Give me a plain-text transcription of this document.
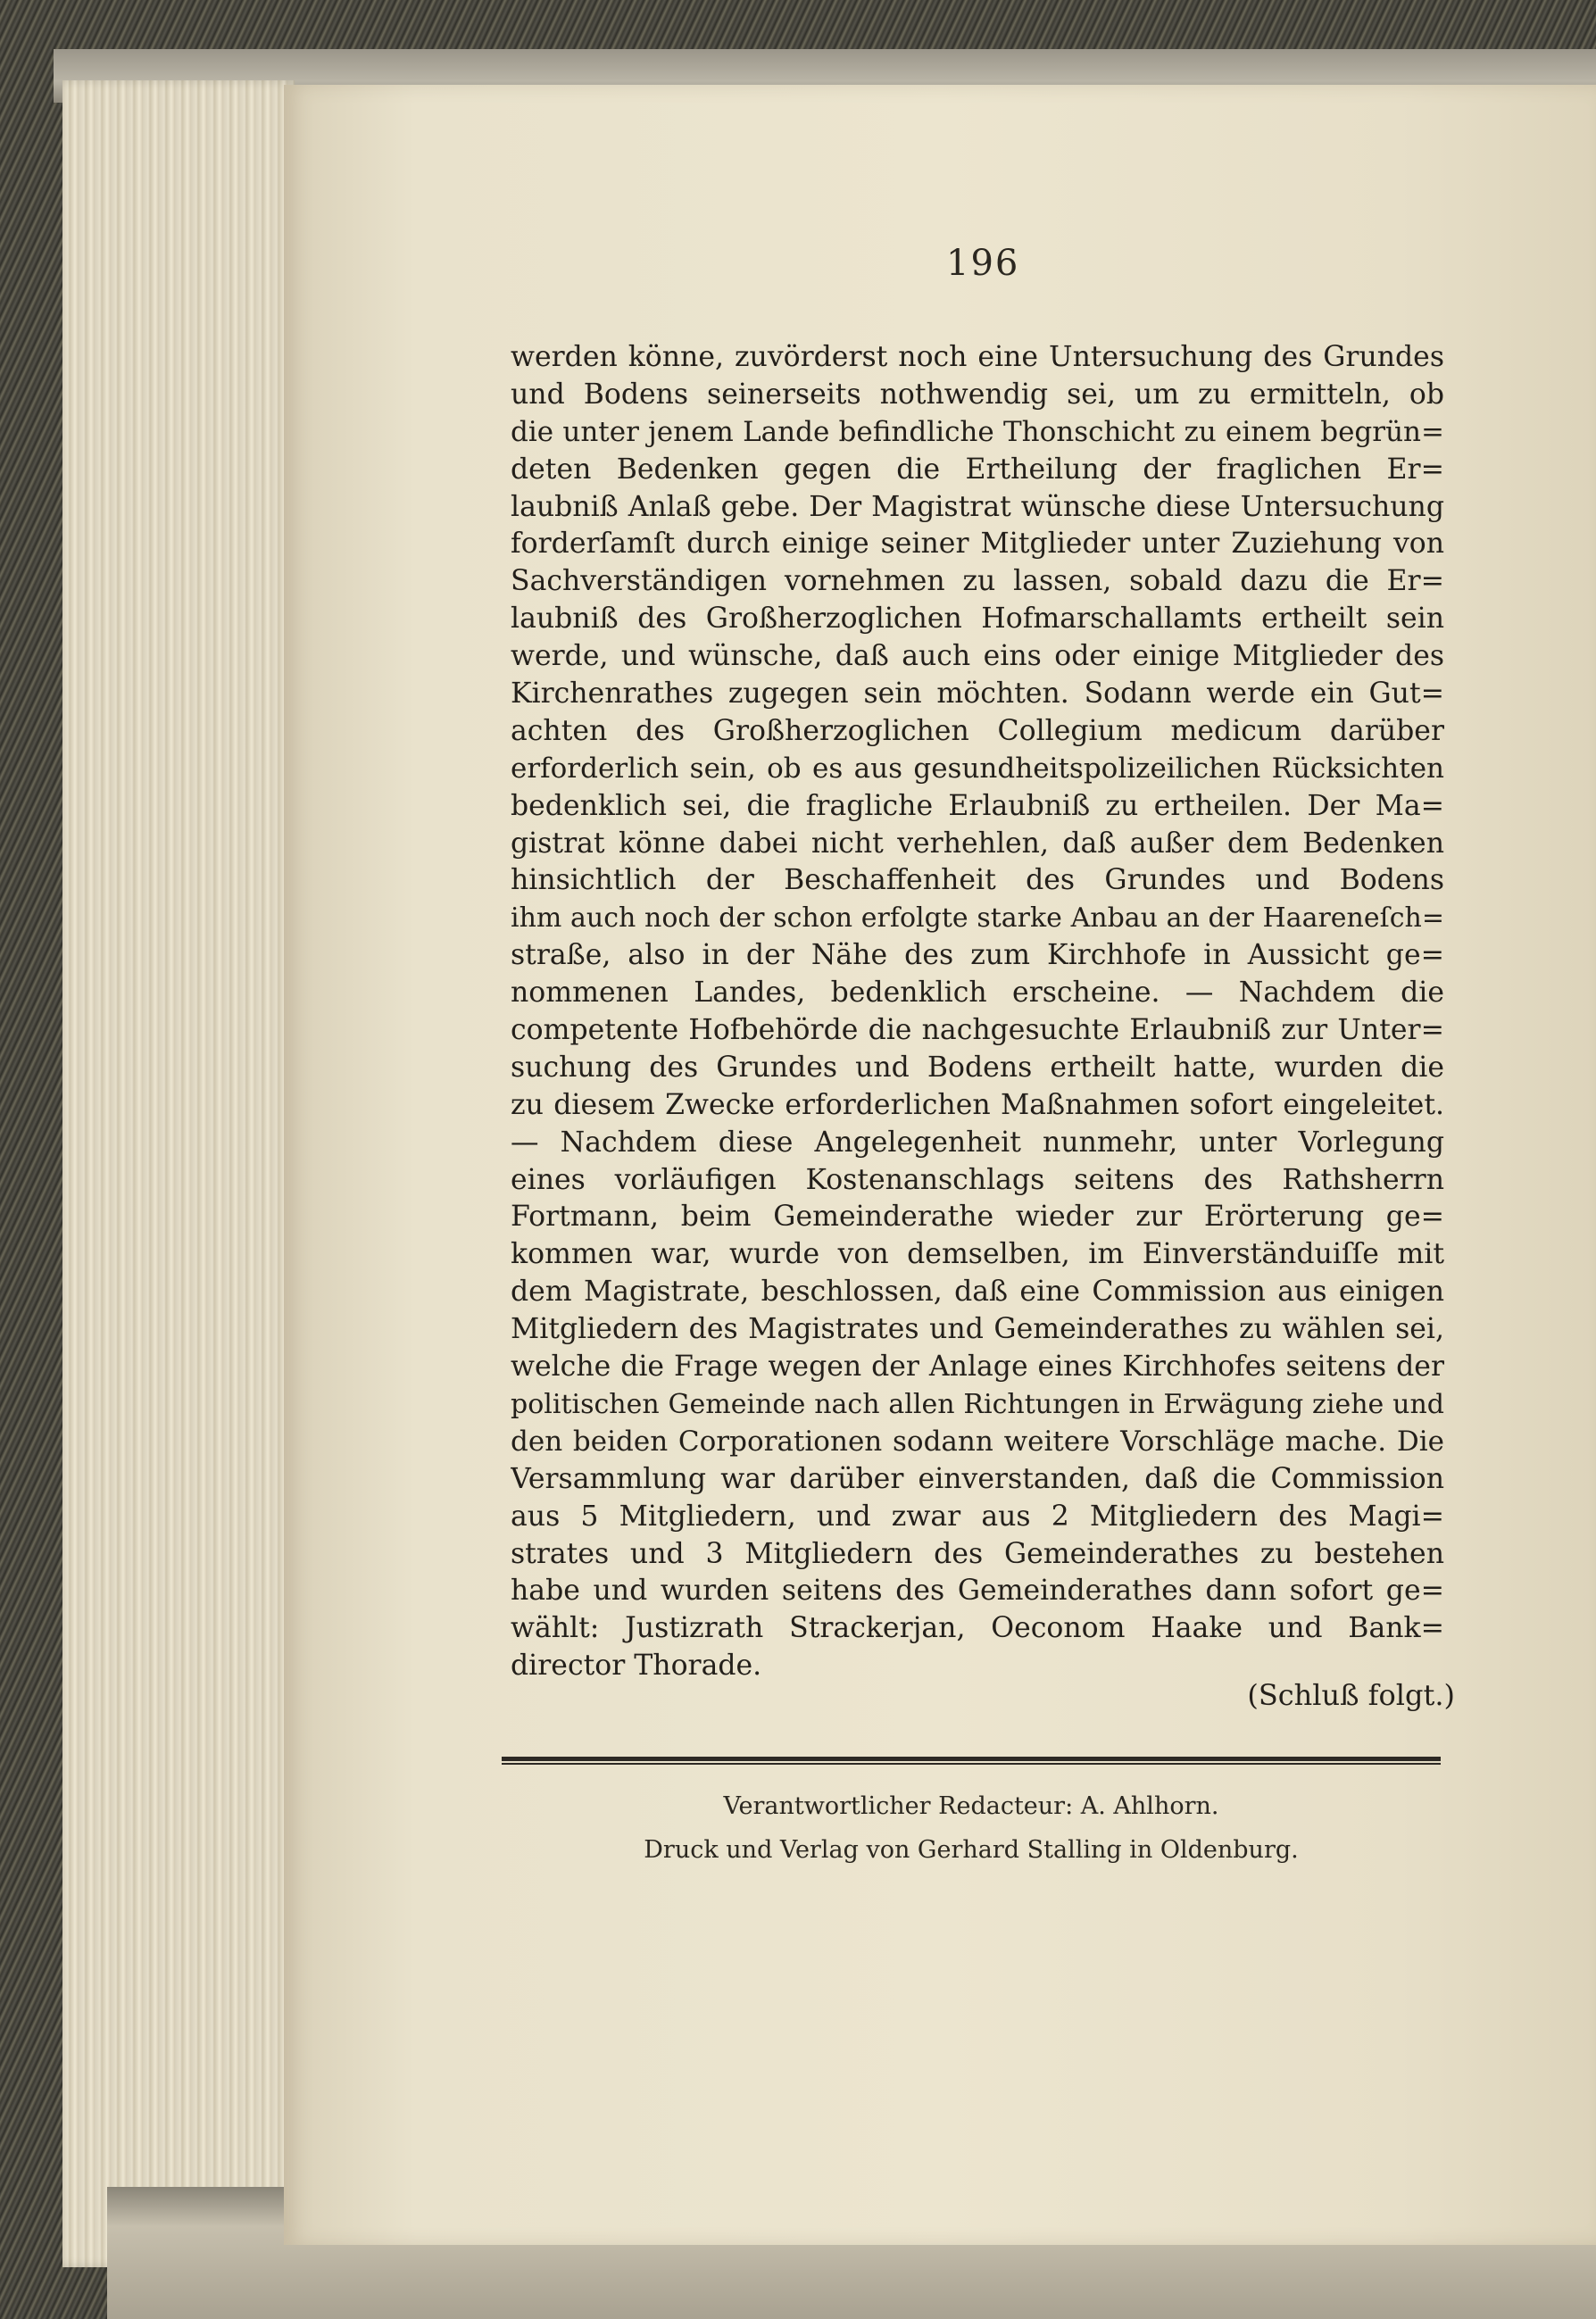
196
werden könne, zuvörderst noch eine Untersuchung des Grundes
und Bodens seinerseits nothwendig sei, um zu ermitteln, ob
die unter jenem Lande befindliche Thonschicht zu einem begrün=
deten Bedenken gegen die Ertheilung der fraglichen Er=
laubniß Anlaß gebe. Der Magistrat wünsche diese Untersuchung
forderſamſt durch einige seiner Mitglieder unter Zuziehung von
Sachverständigen vornehmen zu lassen, sobald dazu die Er=
laubniß des Großherzoglichen Hofmarschallamts ertheilt sein
werde, und wünsche, daß auch eins oder einige Mitglieder des
Kirchenrathes zugegen sein möchten. Sodann werde ein Gut=
achten des Großherzoglichen Collegium medicum darüber
erforderlich sein, ob es aus gesundheitspolizeilichen Rücksichten
bedenklich sei, die fragliche Erlaubniß zu ertheilen. Der Ma=
gistrat könne dabei nicht verhehlen, daß außer dem Bedenken
hinsichtlich der Beschaffenheit des Grundes und Bodens
ihm auch noch der schon erfolgte starke Anbau an der Haareneſch=
straße, also in der Nähe des zum Kirchhofe in Aussicht ge=
nommenen Landes, bedenklich erscheine. — Nachdem die
competente Hofbehörde die nachgesuchte Erlaubniß zur Unter=
suchung des Grundes und Bodens ertheilt hatte, wurden die
zu diesem Zwecke erforderlichen Maßnahmen sofort eingeleitet.
— Nachdem diese Angelegenheit nunmehr, unter Vorlegung
eines vorläufigen Kostenanschlags seitens des Rathsherrn
Fortmann, beim Gemeinderathe wieder zur Erörterung ge=
kommen war, wurde von demselben, im Einverständuiſſe mit
dem Magistrate, beschlossen, daß eine Commission aus einigen
Mitgliedern des Magistrates und Gemeinderathes zu wählen sei,
welche die Frage wegen der Anlage eines Kirchhofes seitens der
politischen Gemeinde nach allen Richtungen in Erwägung ziehe und
den beiden Corporationen sodann weitere Vorschläge mache. Die
Versammlung war darüber einverstanden, daß die Commission
aus 5 Mitgliedern, und zwar aus 2 Mitgliedern des Magi=
strates und 3 Mitgliedern des Gemeinderathes zu bestehen
habe und wurden seitens des Gemeinderathes dann sofort ge=
wählt: Justizrath Strackerjan, Oeconom Haake und Bank=
director Thorade.
(Schluß folgt.)
Verantwortlicher Redacteur: A. Ahlhorn.
Druck und Verlag von Gerhard Stalling in Oldenburg.
